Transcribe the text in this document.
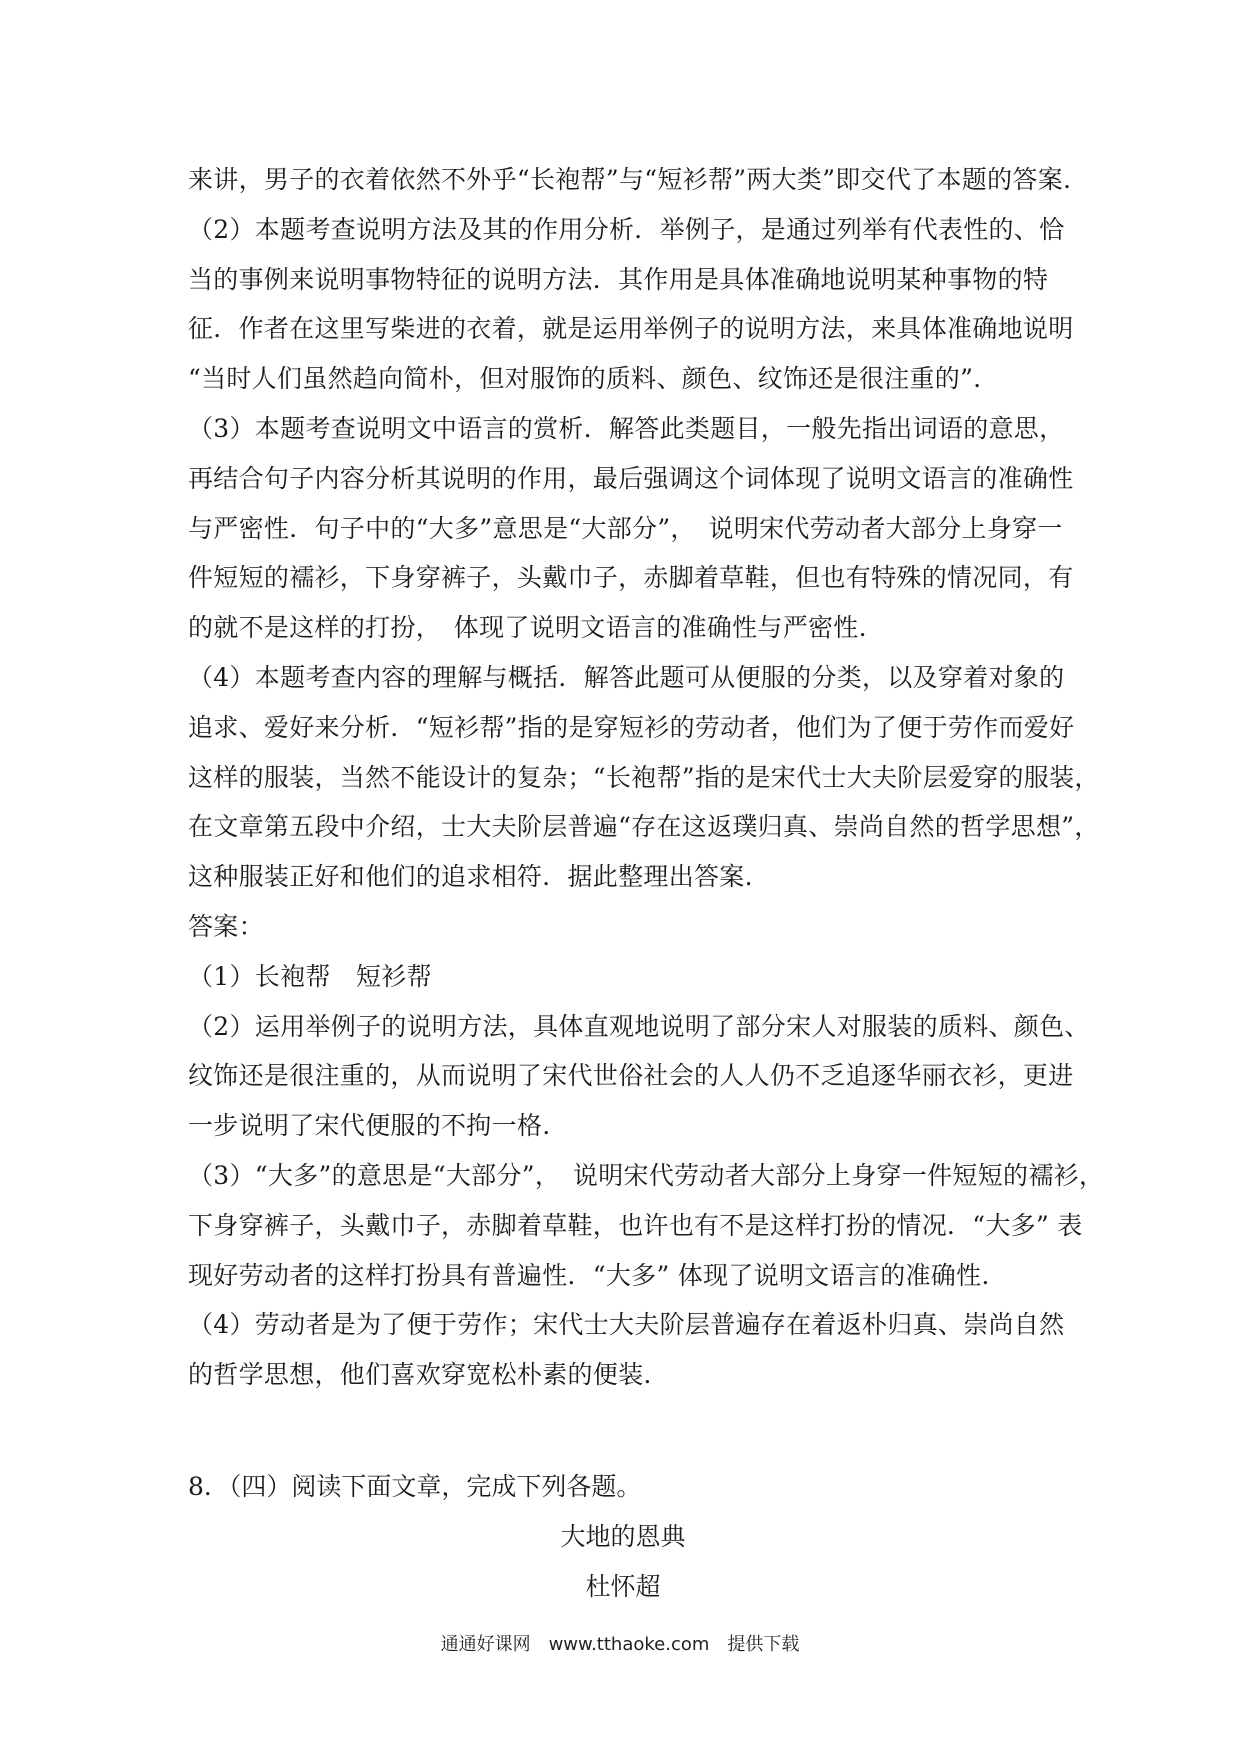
来讲，男子的衣着依然不外乎“长袍帮”与“短衫帮”两大类”即交代了本题的答案.
（2）本题考查说明方法及其的作用分析．举例子，是通过列举有代表性的、恰
当的事例来说明事物特征的说明方法．其作用是具体准确地说明某种事物的特
征．作者在这里写柴进的衣着，就是运用举例子的说明方法，来具体准确地说明
“当时人们虽然趋向简朴，但对服饰的质料、颜色、纹饰还是很注重的”.
（3）本题考查说明文中语言的赏析．解答此类题目，一般先指出词语的意思，
再结合句子内容分析其说明的作用，最后强调这个词体现了说明文语言的准确性
与严密性．句子中的“大多”意思是“大部分”，　说明宋代劳动者大部分上身穿一
件短短的襦衫，下身穿裤子，头戴巾子，赤脚着草鞋，但也有特殊的情况同，有
的就不是这样的打扮，　体现了说明文语言的准确性与严密性.
（4）本题考查内容的理解与概括．解答此题可从便服的分类，以及穿着对象的
追求、爱好来分析．“短衫帮”指的是穿短衫的劳动者，他们为了便于劳作而爱好
这样的服装，当然不能设计的复杂；“长袍帮”指的是宋代士大夫阶层爱穿的服装，
在文章第五段中介绍，士大夫阶层普遍“存在这返璞归真、崇尚自然的哲学思想”，
这种服装正好和他们的追求相符．据此整理出答案.
答案：
（1）长袍帮　短衫帮
（2）运用举例子的说明方法，具体直观地说明了部分宋人对服装的质料、颜色、
纹饰还是很注重的，从而说明了宋代世俗社会的人人仍不乏追逐华丽衣衫，更进
一步说明了宋代便服的不拘一格.
（3）“大多”的意思是“大部分”，　说明宋代劳动者大部分上身穿一件短短的襦衫，
下身穿裤子，头戴巾子，赤脚着草鞋，也许也有不是这样打扮的情况．“大多” 表
现好劳动者的这样打扮具有普遍性．“大多” 体现了说明文语言的准确性.
（4）劳动者是为了便于劳作；宋代士大夫阶层普遍存在着返朴归真、崇尚自然
的哲学思想，他们喜欢穿宽松朴素的便装.
8．（四）阅读下面文章，完成下列各题。
大地的恩典
杜怀超
通通好课网　www.tthaoke.com　提供下载
